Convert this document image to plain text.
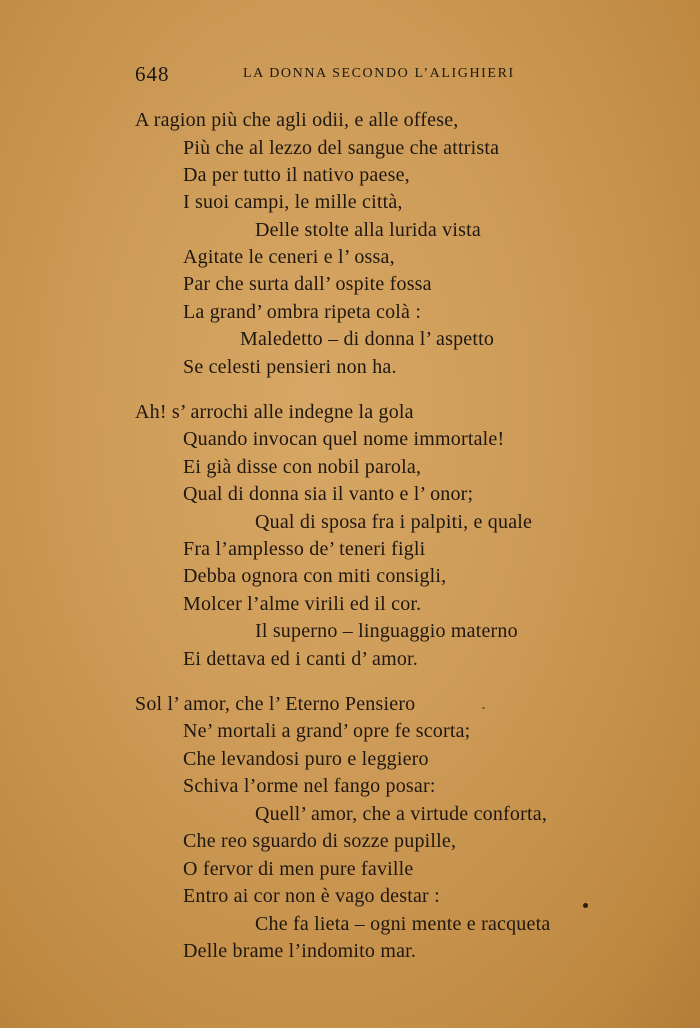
648	LA DONNA SECONDO L’ALIGHIERI
A ragion più che agli odii, e alle offese,
Più che al lezzo del sangue che attrista
Da per tutto il nativo paese,
I suoi campi, le mille città,
Delle stolte alla lurida vista
Agitate le ceneri e l’ ossa,
Par che surta dall’ ospite fossa
La grand’ ombra ripeta colà :
Maledetto – di donna l’ aspetto
Se celesti pensieri non ha.
Ah! s’ arrochi alle indegne la gola
Quando invocan quel nome immortale!
Ei già disse con nobil parola,
Qual di donna sia il vanto e l’ onor;
Qual di sposa fra i palpiti, e quale
Fra l’amplesso de’ teneri figli
Debba ognora con miti consigli,
Molcer l’alme virili ed il cor.
Il superno – linguaggio materno
Ei dettava ed i canti d’ amor.
Sol l’ amor, che l’ Eterno Pensiero
Ne’ mortali a grand’ opre fe scorta;
Che levandosi puro e leggiero
Schiva l’orme nel fango posar:
Quell’ amor, che a virtude conforta,
Che reo sguardo di sozze pupille,
O fervor di men pure faville
Entro ai cor non è vago destar :
Che fa lieta – ogni mente e racqueta
Delle brame l’indomito mar.
